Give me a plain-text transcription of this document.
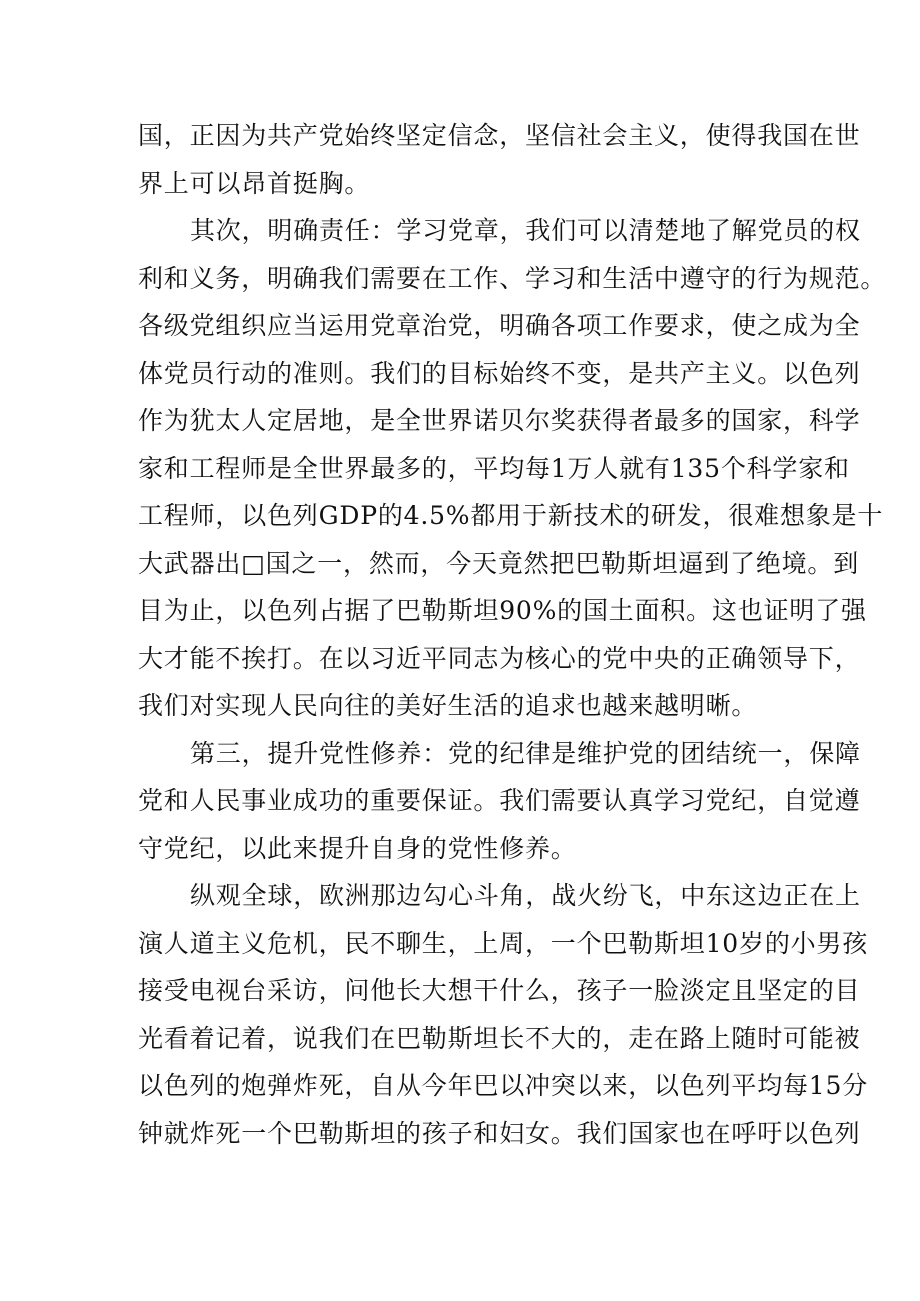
国，正因为共产党始终坚定信念，坚信社会主义，使得我国在世
界上可以昂首挺胸。
其次，明确责任：学习党章，我们可以清楚地了解党员的权
利和义务，明确我们需要在工作、学习和生活中遵守的行为规范。
各级党组织应当运用党章治党，明确各项工作要求，使之成为全
体党员行动的准则。我们的目标始终不变，是共产主义。以色列
作为犹太人定居地，是全世界诺贝尔奖获得者最多的国家，科学
家和工程师是全世界最多的，平均每1万人就有135个科学家和
工程师，以色列GDP的4.5%都用于新技术的研发，很难想象是十
大武器出□国之一，然而，今天竟然把巴勒斯坦逼到了绝境。到
目为止，以色列占据了巴勒斯坦90%的国土面积。这也证明了强
大才能不挨打。在以习近平同志为核心的党中央的正确领导下，
我们对实现人民向往的美好生活的追求也越来越明晰。
第三，提升党性修养：党的纪律是维护党的团结统一，保障
党和人民事业成功的重要保证。我们需要认真学习党纪，自觉遵
守党纪，以此来提升自身的党性修养。
纵观全球，欧洲那边勾心斗角，战火纷飞，中东这边正在上
演人道主义危机，民不聊生，上周，一个巴勒斯坦10岁的小男孩
接受电视台采访，问他长大想干什么，孩子一脸淡定且坚定的目
光看着记着，说我们在巴勒斯坦长不大的，走在路上随时可能被
以色列的炮弹炸死，自从今年巴以冲突以来，以色列平均每15分
钟就炸死一个巴勒斯坦的孩子和妇女。我们国家也在呼吁以色列
